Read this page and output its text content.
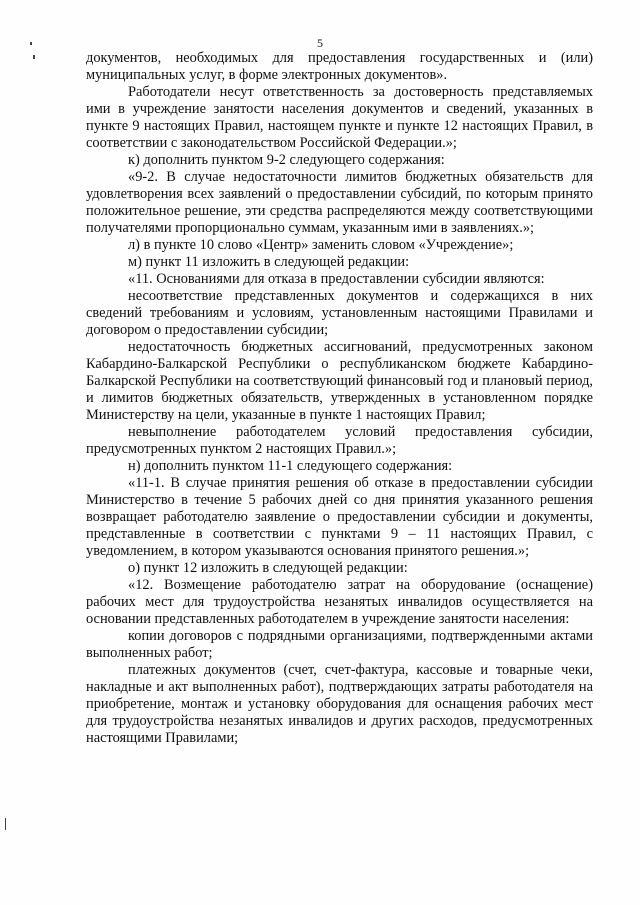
5

документов, необходимых для предоставления государственных и (или) муниципальных услуг, в форме электронных документов».

Работодатели несут ответственность за достоверность представляемых ими в учреждение занятости населения документов и сведений, указанных в пункте 9 настоящих Правил, настоящем пункте и пункте 12 настоящих Правил, в соответствии с законодательством Российской Федерации.»;

к) дополнить пунктом 9-2 следующего содержания:

«9-2. В случае недостаточности лимитов бюджетных обязательств для удовлетворения всех заявлений о предоставлении субсидий, по которым принято положительное решение, эти средства распределяются между соответствующими получателями пропорционально суммам, указанным ими в заявлениях.»;

л) в пункте 10 слово «Центр» заменить словом «Учреждение»;

м) пункт 11 изложить в следующей редакции:

«11. Основаниями для отказа в предоставлении субсидии являются:

несоответствие представленных документов и содержащихся в них сведений требованиям и условиям, установленным настоящими Правилами и договором о предоставлении субсидии;

недостаточность бюджетных ассигнований, предусмотренных законом Кабардино-Балкарской Республики о республиканском бюджете Кабардино-Балкарской Республики на соответствующий финансовый год и плановый период, и лимитов бюджетных обязательств, утвержденных в установленном порядке Министерству на цели, указанные в пункте 1 настоящих Правил;

невыполнение работодателем условий предоставления субсидии, предусмотренных пунктом 2 настоящих Правил.»;

н) дополнить пунктом 11-1 следующего содержания:

«11-1. В случае принятия решения об отказе в предоставлении субсидии Министерство в течение 5 рабочих дней со дня принятия указанного решения возвращает работодателю заявление о предоставлении субсидии и документы, представленные в соответствии с пунктами 9 – 11 настоящих Правил, с уведомлением, в котором указываются основания принятого решения.»;

о) пункт 12 изложить в следующей редакции:

«12. Возмещение работодателю затрат на оборудование (оснащение) рабочих мест для трудоустройства незанятых инвалидов осуществляется на основании представленных работодателем в учреждение занятости населения:

копии договоров с подрядными организациями, подтвержденными актами выполненных работ;

платежных документов (счет, счет-фактура, кассовые и товарные чеки, накладные и акт выполненных работ), подтверждающих затраты работодателя на приобретение, монтаж и установку оборудования для оснащения рабочих мест для трудоустройства незанятых инвалидов и других расходов, предусмотренных настоящими Правилами;
